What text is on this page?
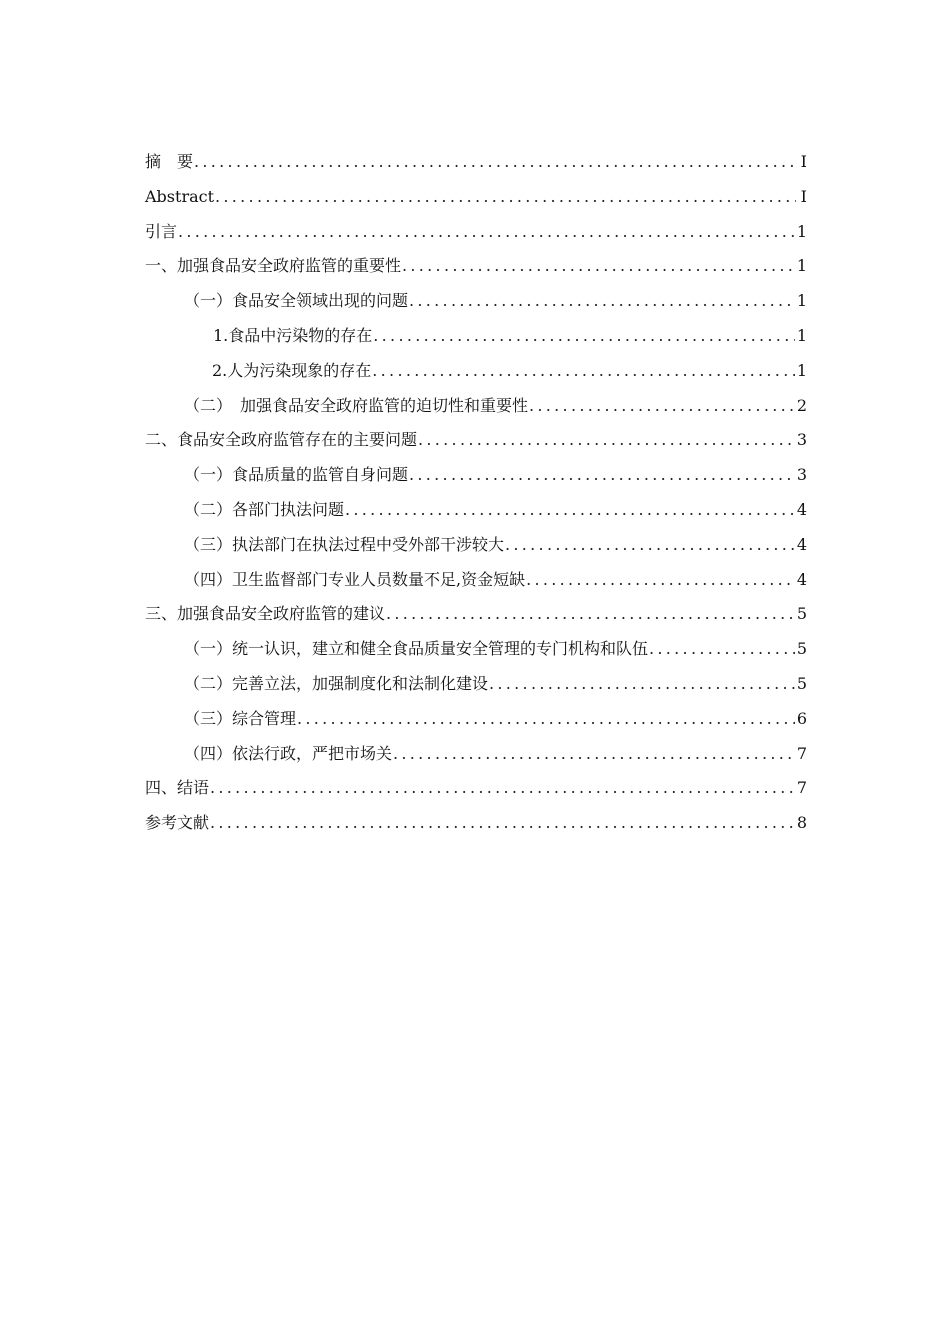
摘　要 .....	I
Abstract .....	I
引言 .....	1
一、加强食品安全政府监管的重要性 .....	1
（一）食品安全领域出现的问题 .....	1
1.食品中污染物的存在 .....	1
2.人为污染现象的存在 .....	1
（二）　加强食品安全政府监管的迫切性和重要性 .....	2
二、食品安全政府监管存在的主要问题 .....	3
（一）食品质量的监管自身问题 .....	3
（二）各部门执法问题 .....	4
（三）执法部门在执法过程中受外部干涉较大 .....	4
（四）卫生监督部门专业人员数量不足,资金短缺 .....	4
三、加强食品安全政府监管的建议 .....	5
（一）统一认识，建立和健全食品质量安全管理的专门机构和队伍 .....	5
（二）完善立法，加强制度化和法制化建设 .....	5
（三）综合管理 .....	6
（四）依法行政，严把市场关 .....	7
四、结语 .....	7
参考文献 .....	8
